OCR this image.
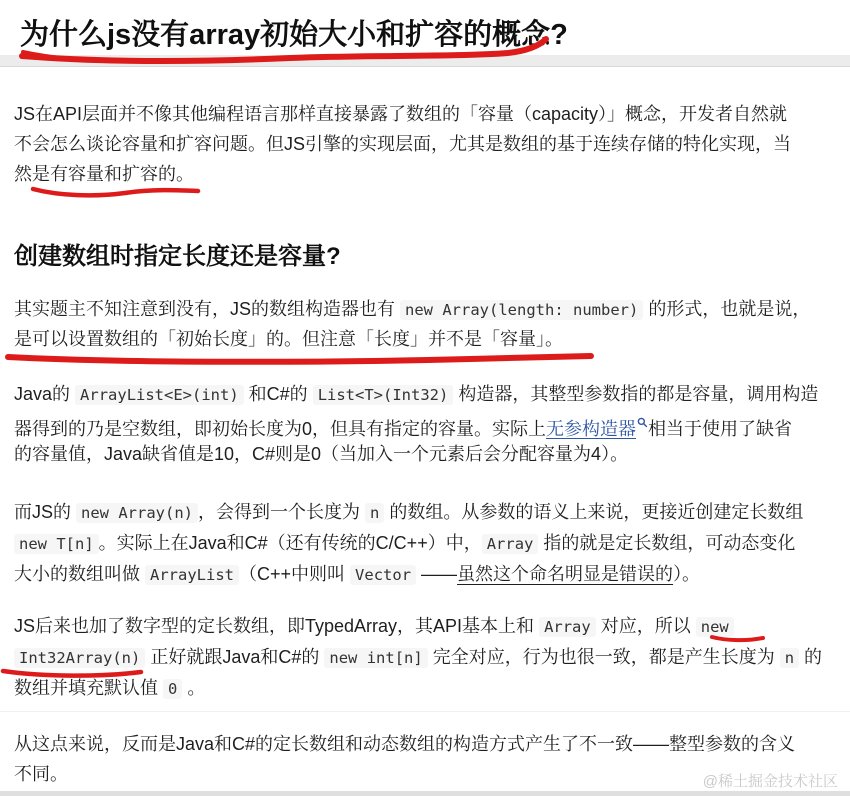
为什么js没有array初始大小和扩容的概念?
JS在API层面并不像其他编程语言那样直接暴露了数组的「容量（capacity）」概念，开发者自然就
不会怎么谈论容量和扩容问题。但JS引擎的实现层面，尤其是数组的基于连续存储的特化实现，当
然是有容量和扩容的。
创建数组时指定长度还是容量?
其实题主不知注意到没有，JS的数组构造器也有 new Array(length: number) 的形式，也就是说，
是可以设置数组的「初始长度」的。但注意「长度」并不是「容量」。
Java的 ArrayList<E>(int) 和C#的 List<T>(Int32) 构造器，其整型参数指的都是容量，调用构造
器得到的乃是空数组，即初始长度为0，但具有指定的容量。实际上无参构造器 相当于使用了缺省
的容量值，Java缺省值是10，C#则是0（当加入一个元素后会分配容量为4）。
而JS的 new Array(n) ，会得到一个长度为 n 的数组。从参数的语义上来说，更接近创建定长数组
new T[n] 。实际上在Java和C#（还有传统的C/C++）中， Array 指的就是定长数组，可动态变化
大小的数组叫做 ArrayList （C++中则叫 Vector ——虽然这个命名明显是错误的）。
JS后来也加了数字型的定长数组，即TypedArray，其API基本上和 Array 对应，所以 new
Int32Array(n) 正好就跟Java和C#的 new int[n] 完全对应，行为也很一致，都是产生长度为 n 的
数组并填充默认值 0 。
从这点来说，反而是Java和C#的定长数组和动态数组的构造方式产生了不一致——整型参数的含义
不同。	@稀土掘金技术社区
